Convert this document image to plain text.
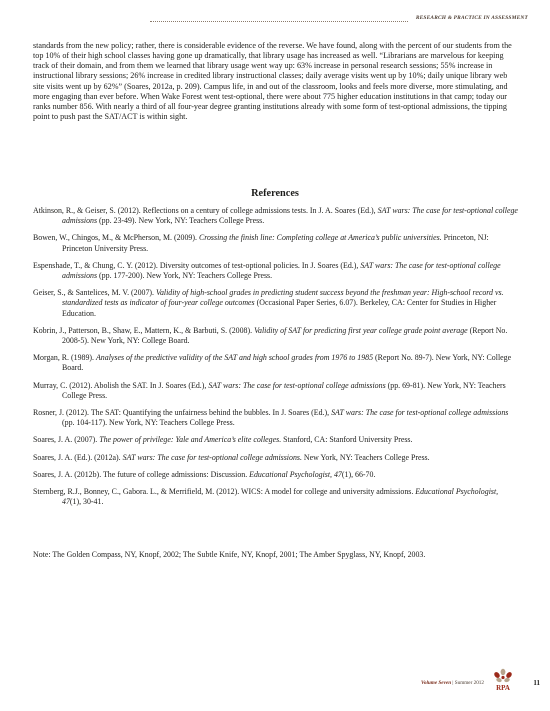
RESEARCH & PRACTICE IN ASSESSMENT

standards from the new policy; rather, there is considerable evidence of the reverse. We have found, along with the percent of our students from the top 10% of their high school classes having gone up dramatically, that library usage has increased as well. “Librarians are marvelous for keeping track of their domain, and from them we learned that library usage went way up: 63% increase in personal research sessions; 55% increase in instructional library sessions; 26% increase in credited library instructional classes; daily average visits went up by 10%; daily unique library web site visits went up by 62%” (Soares, 2012a, p. 209). Campus life, in and out of the classroom, looks and feels more diverse, more stimulating, and more engaging than ever before. When Wake Forest went test-optional, there were about 775 higher education institutions in that camp; today our ranks number 856. With nearly a third of all four-year degree granting institutions already with some form of test-optional admissions, the tipping point to push past the SAT/ACT is within sight.

References

Atkinson, R., & Geiser, S. (2012). Reflections on a century of college admissions tests. In J. A. Soares (Ed.), SAT wars: The case for test-optional college admissions (pp. 23-49). New York, NY: Teachers College Press.

Bowen, W., Chingos, M., & McPherson, M. (2009). Crossing the finish line: Completing college at America’s public universities. Princeton, NJ: Princeton University Press.

Espenshade, T., & Chung, C. Y. (2012). Diversity outcomes of test-optional policies. In J. Soares (Ed.), SAT wars: The case for test-optional college admissions (pp. 177-200). New York, NY: Teachers College Press.

Geiser, S., & Santelices, M. V. (2007). Validity of high-school grades in predicting student success beyond the freshman year: High-school record vs. standardized tests as indicator of four-year college outcomes (Occasional Paper Series, 6.07). Berkeley, CA: Center for Studies in Higher Education.

Kobrin, J., Patterson, B., Shaw, E., Mattern, K., & Barbuti, S. (2008). Validity of SAT for predicting first year college grade point average (Report No. 2008-5). New York, NY: College Board.

Morgan, R. (1989). Analyses of the predictive validity of the SAT and high school grades from 1976 to 1985 (Report No. 89-7). New York, NY: College Board.

Murray, C. (2012). Abolish the SAT. In J. Soares (Ed.), SAT wars: The case for test-optional college admissions (pp. 69-81). New York, NY: Teachers College Press.

Rosner, J. (2012). The SAT: Quantifying the unfairness behind the bubbles. In J. Soares (Ed.), SAT wars: The case for test-optional college admissions (pp. 104-117). New York, NY: Teachers College Press.

Soares, J. A. (2007). The power of privilege: Yale and America’s elite colleges. Stanford, CA: Stanford University Press.

Soares, J. A. (Ed.). (2012a). SAT wars: The case for test-optional college admissions. New York, NY: Teachers College Press.

Soares, J. A. (2012b). The future of college admissions: Discussion. Educational Psychologist, 47(1), 66-70.

Sternberg, R.J., Bonney, C., Gabora. L., & Merrifield, M. (2012). WICS: A model for college and university admissions. Educational Psychologist, 47(1), 30-41.

Note: The Golden Compass, NY, Knopf, 2002; The Subtle Knife, NY, Knopf, 2001; The Amber Spyglass, NY, Knopf, 2003.

Volume Seven | Summer 2012
RPA
11
